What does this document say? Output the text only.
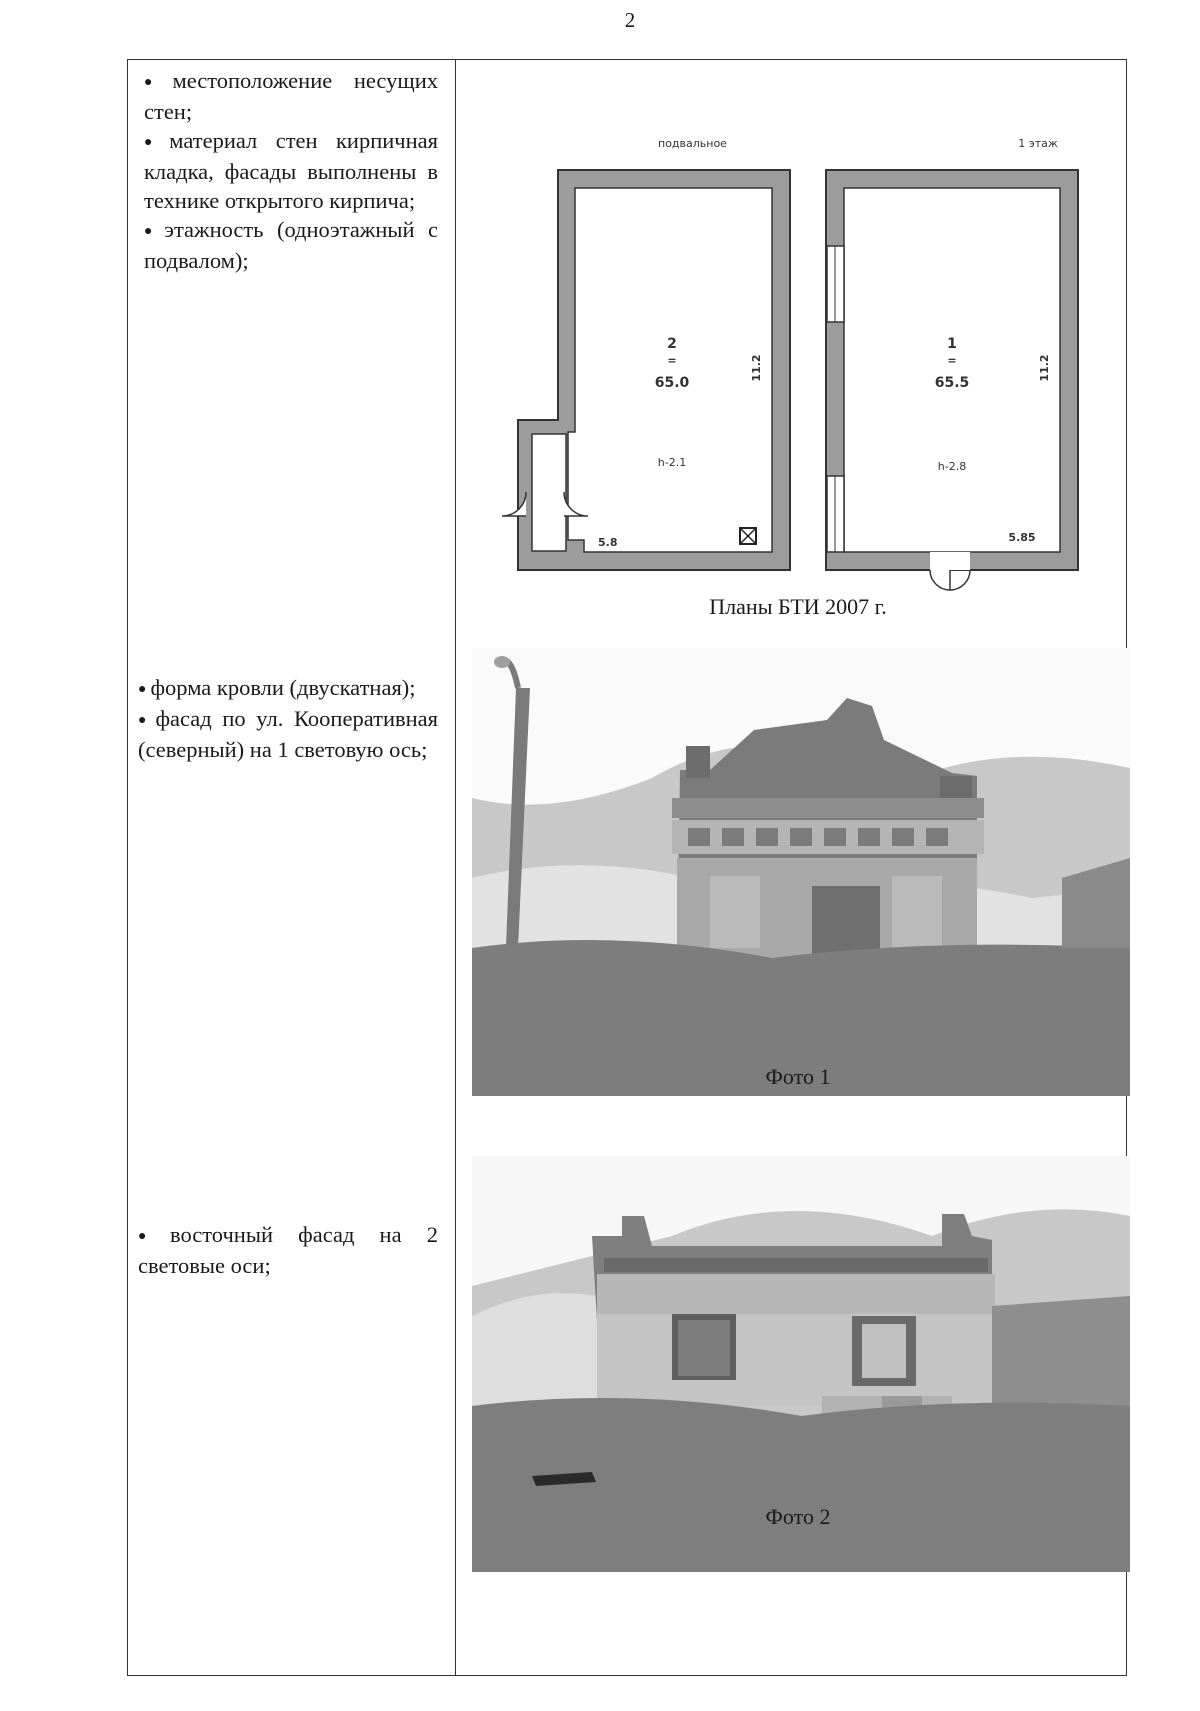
2

● местоположение несущих стен;

● материал стен кирпичная кладка, фасады выполнены в технике открытого кирпича;

● этажность (одноэтажный с подвалом);

подвальное
2
=
65.0
h-2.1
11.2
5.8
1 этаж
1
=
65.5
h-2.8
11.2
5.85
Планы БТИ 2007 г.

● форма кровли (двускатная);

● фасад по ул. Кооперативная (северный) на 1 световую ось;

Фото 1

● восточный фасад на 2 световые оси;

Фото 2
